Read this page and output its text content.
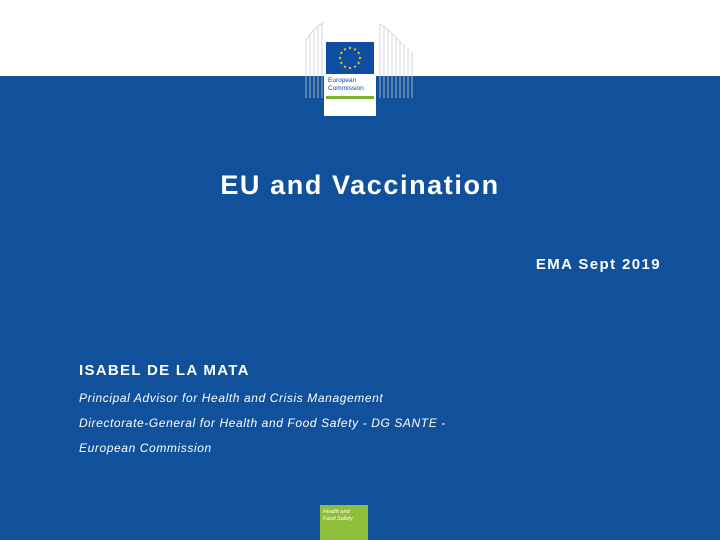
European
Commission
EU and Vaccination
EMA Sept 2019
ISABEL DE LA MATA
Principal Advisor for Health and Crisis Management
Directorate-General for Health and Food Safety - DG SANTE -
European Commission
Health and
Food Safety
